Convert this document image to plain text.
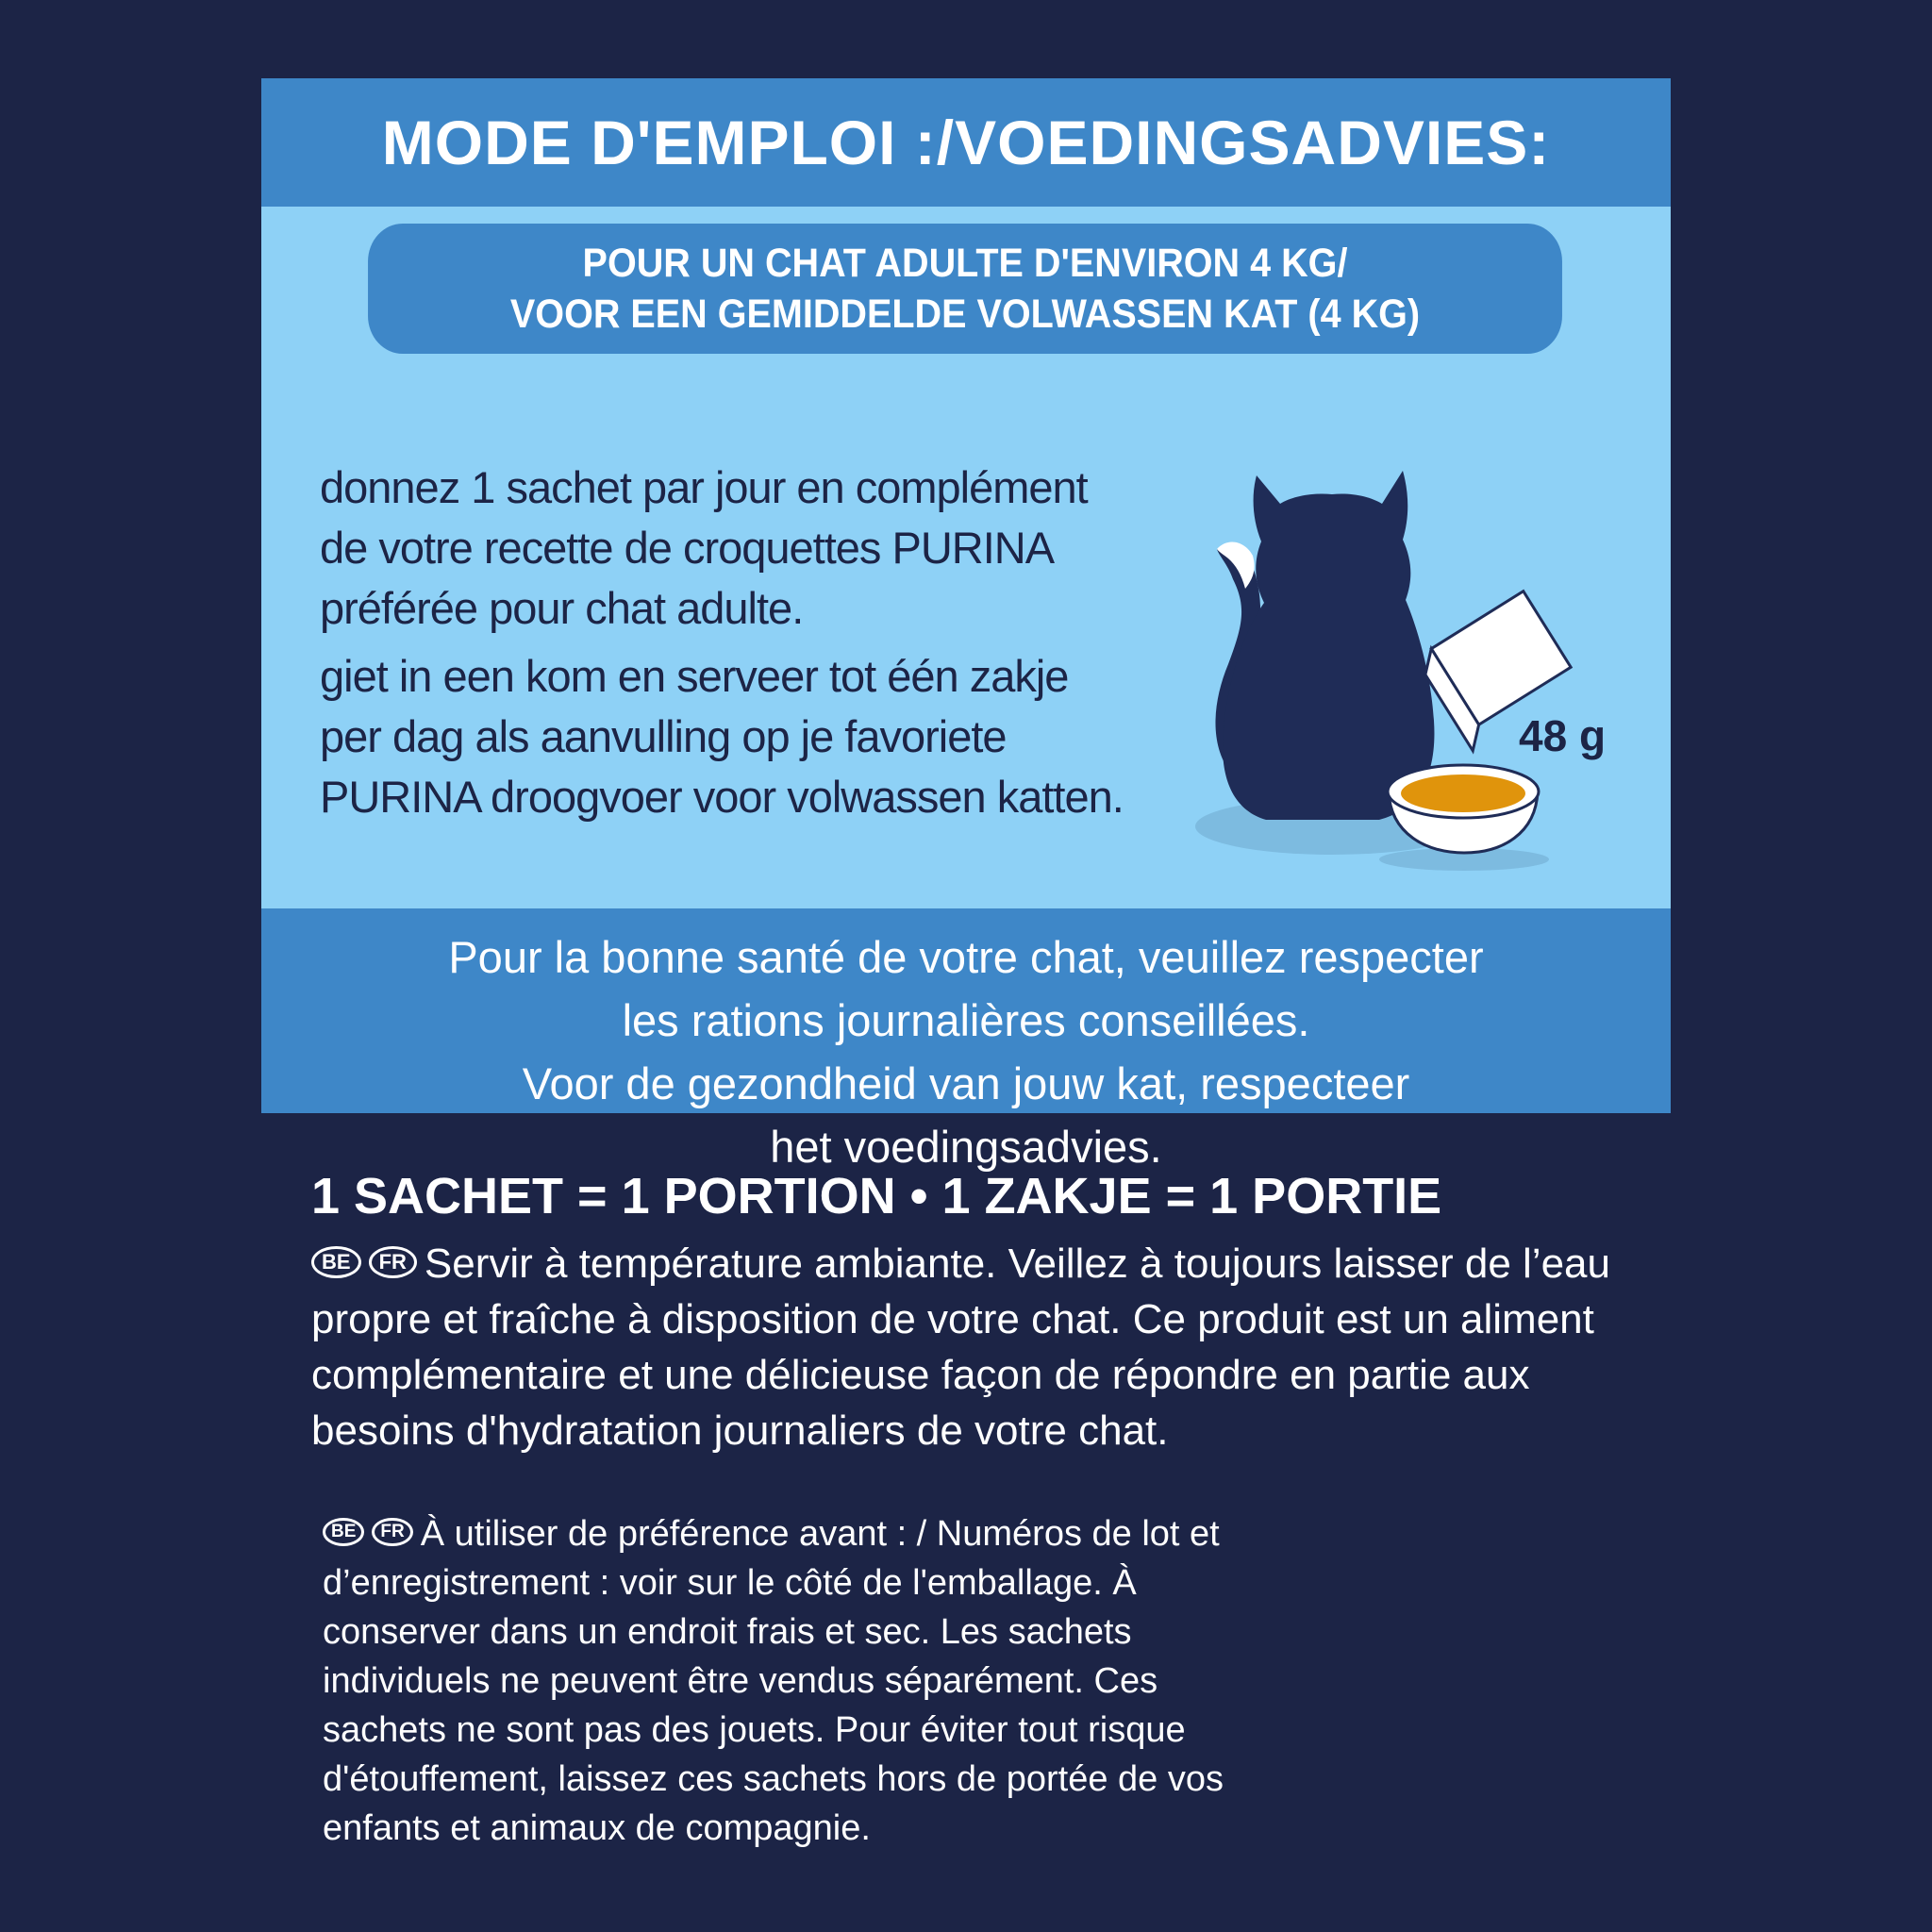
MODE D'EMPLOI :/VOEDINGSADVIES:
POUR UN CHAT ADULTE D'ENVIRON 4 KG/
VOOR EEN GEMIDDELDE VOLWASSEN KAT (4 KG)
donnez 1 sachet par jour en complément
de votre recette de croquettes PURINA
préférée pour chat adulte.
giet in een kom en serveer tot één zakje
per dag als aanvulling op je favoriete
PURINA droogvoer voor volwassen katten.
48 g
Pour la bonne santé de votre chat, veuillez respecter
les rations journalières conseillées.
Voor de gezondheid van jouw kat, respecteer
het voedingsadvies.
1 SACHET = 1 PORTION • 1 ZAKJE = 1 PORTIE
BE FR Servir à température ambiante. Veillez à toujours laisser de l’eau propre et fraîche à disposition de votre chat. Ce produit est un aliment complémentaire et une délicieuse façon de répondre en partie aux besoins d'hydratation journaliers de votre chat.
BE FR À utiliser de préférence avant : / Numéros de lot et d’enregistrement : voir sur le côté de l'emballage. À conserver dans un endroit frais et sec. Les sachets individuels ne peuvent être vendus séparément. Ces sachets ne sont pas des jouets. Pour éviter tout risque d'étouffement, laissez ces sachets hors de portée de vos enfants et animaux de compagnie.
